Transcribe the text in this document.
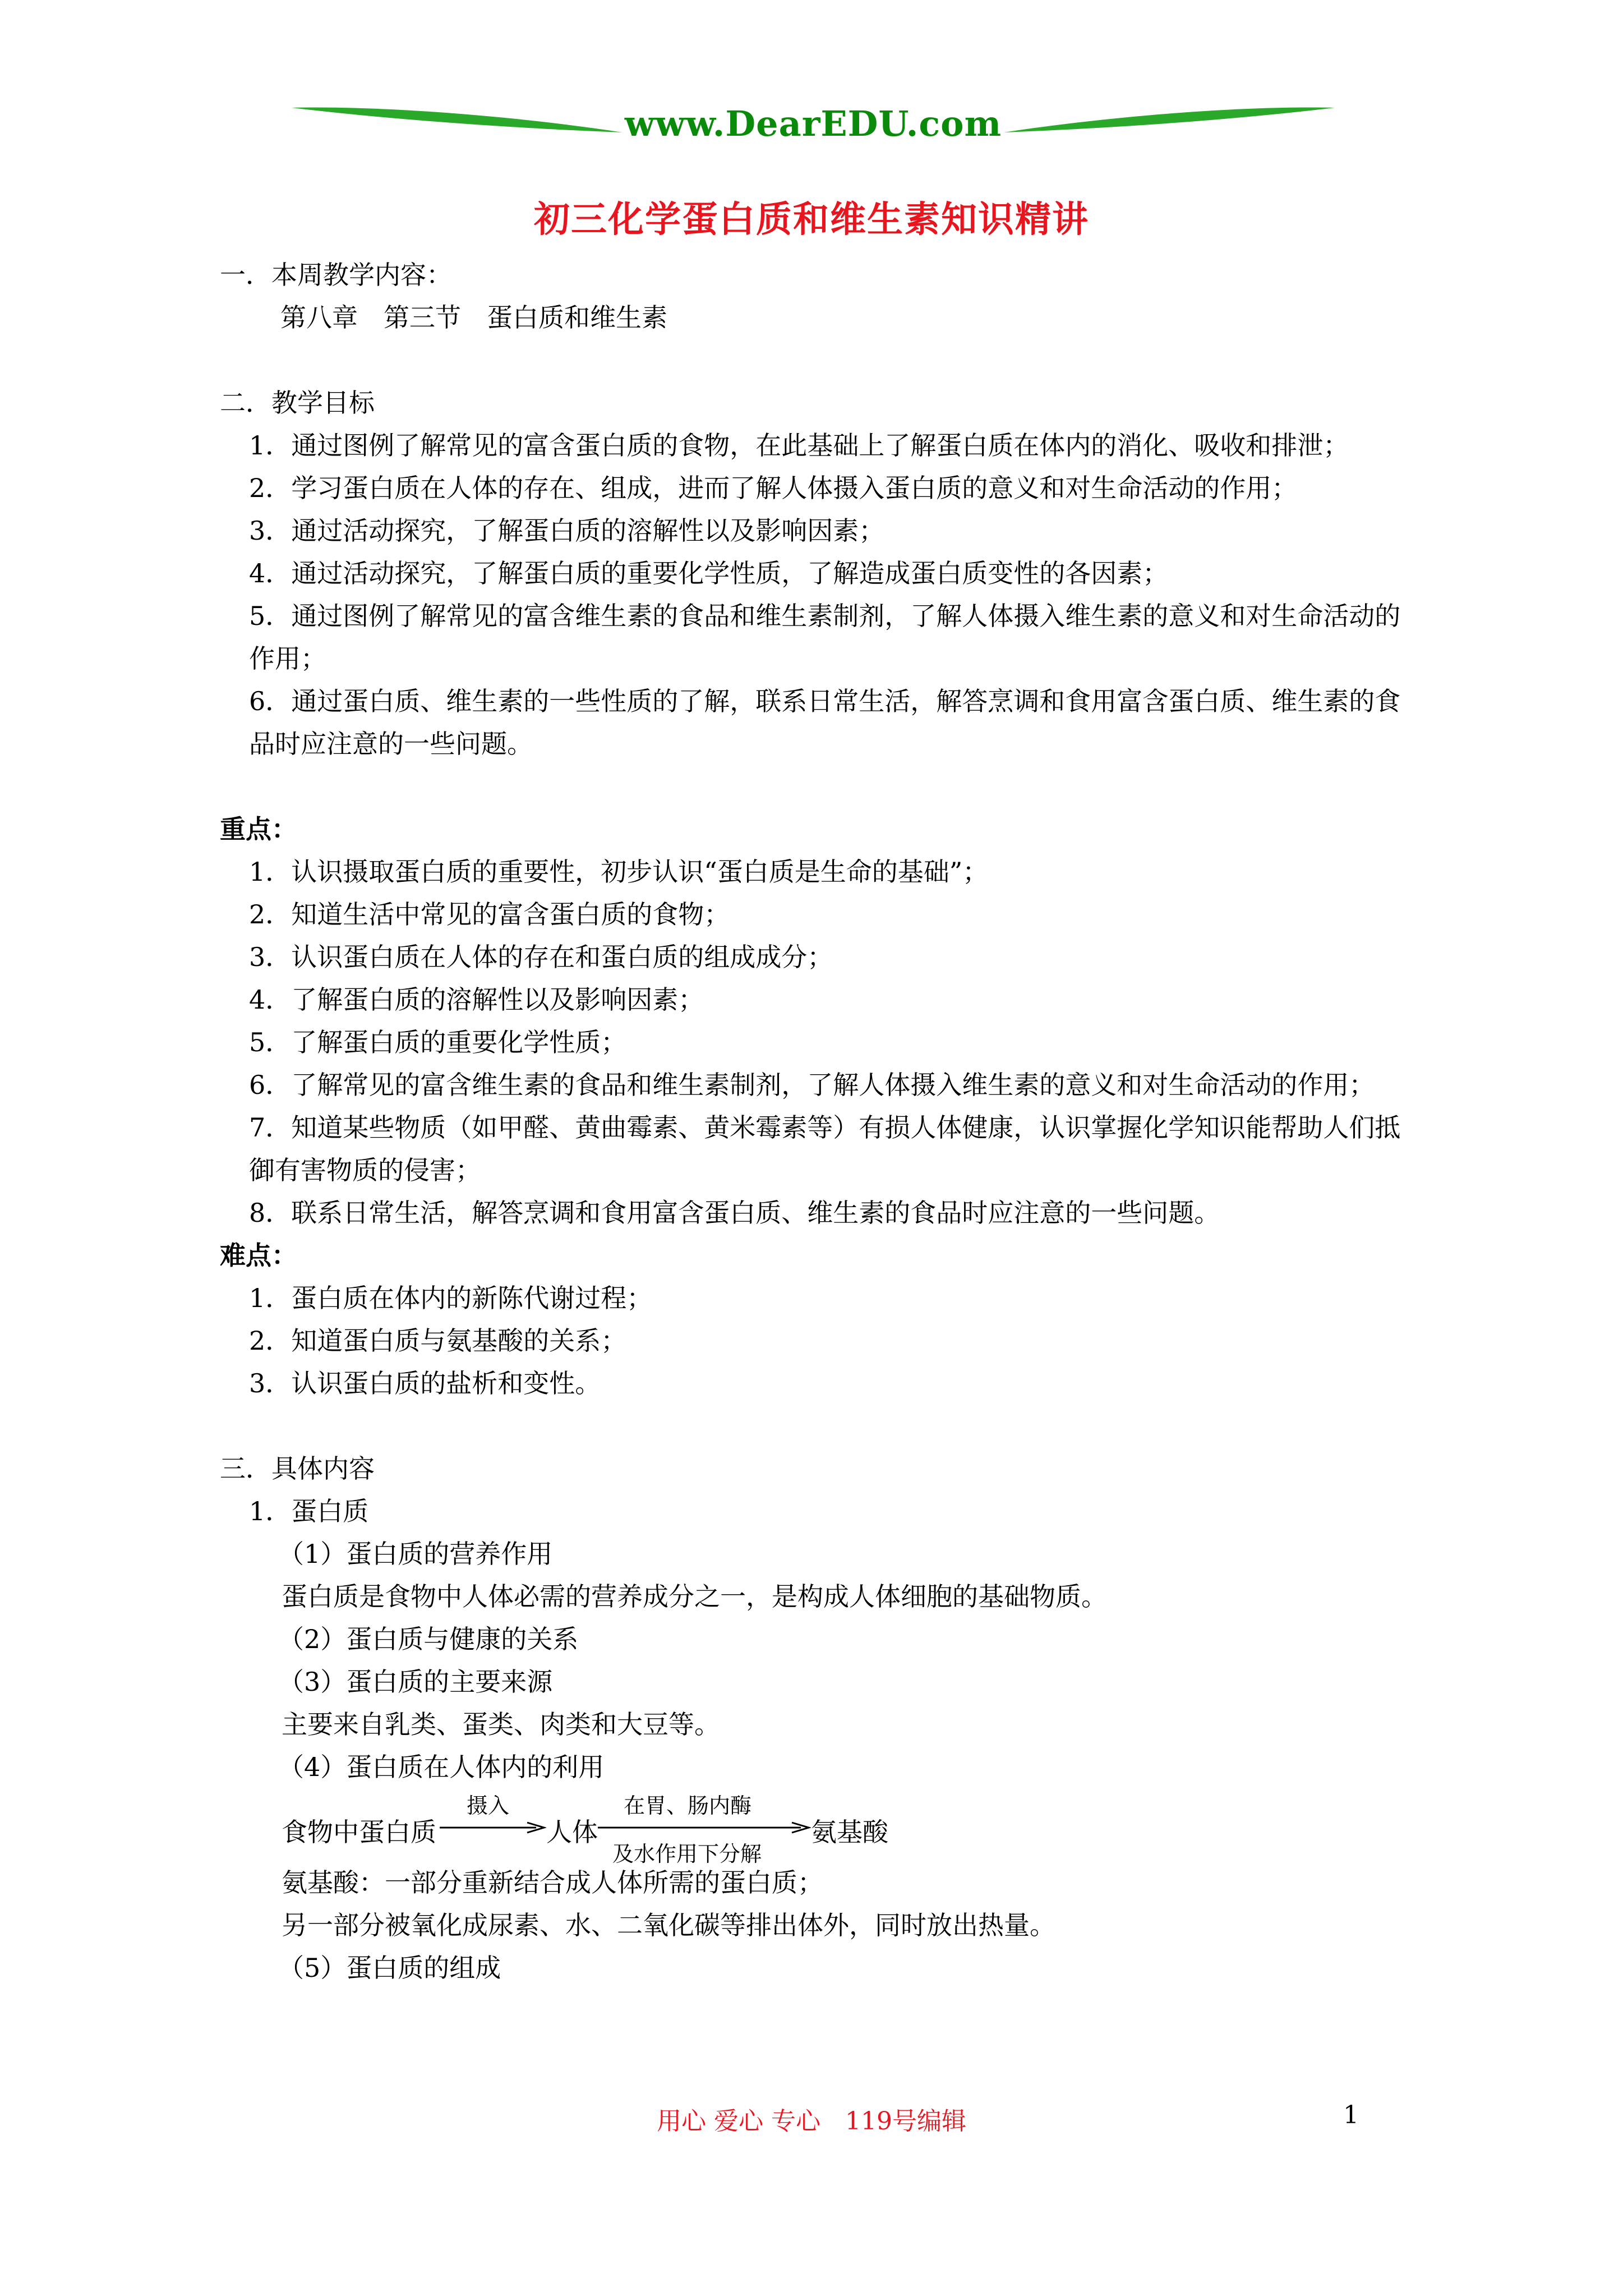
www.DearEDU.com
初三化学蛋白质和维生素知识精讲

一．本周教学内容：

第八章　第三节　蛋白质和维生素

二．教学目标

1．通过图例了解常见的富含蛋白质的食物，在此基础上了解蛋白质在体内的消化、吸收和排泄；

2．学习蛋白质在人体的存在、组成，进而了解人体摄入蛋白质的意义和对生命活动的作用；

3．通过活动探究，了解蛋白质的溶解性以及影响因素；

4．通过活动探究，了解蛋白质的重要化学性质，了解造成蛋白质变性的各因素；

5．通过图例了解常见的富含维生素的食品和维生素制剂，了解人体摄入维生素的意义和对生命活动的作用；

6．通过蛋白质、维生素的一些性质的了解，联系日常生活，解答烹调和食用富含蛋白质、维生素的食品时应注意的一些问题。

重点：

1．认识摄取蛋白质的重要性，初步认识“蛋白质是生命的基础”；

2．知道生活中常见的富含蛋白质的食物；

3．认识蛋白质在人体的存在和蛋白质的组成成分；

4．了解蛋白质的溶解性以及影响因素；

5．了解蛋白质的重要化学性质；

6．了解常见的富含维生素的食品和维生素制剂，了解人体摄入维生素的意义和对生命活动的作用；

7．知道某些物质（如甲醛、黄曲霉素、黄米霉素等）有损人体健康，认识掌握化学知识能帮助人们抵御有害物质的侵害；

8．联系日常生活，解答烹调和食用富含蛋白质、维生素的食品时应注意的一些问题。

难点：

1．蛋白质在体内的新陈代谢过程；

2．知道蛋白质与氨基酸的关系；

3．认识蛋白质的盐析和变性。

三．具体内容

1．蛋白质

（1）蛋白质的营养作用

蛋白质是食物中人体必需的营养成分之一，是构成人体细胞的基础物质。

（2）蛋白质与健康的关系

（3）蛋白质的主要来源

主要来自乳类、蛋类、肉类和大豆等。

（4）蛋白质在人体内的利用

食物中蛋白质
摄入
人体
在胃、肠内酶
及水作用下分解
氨基酸

氨基酸：一部分重新结合成人体所需的蛋白质；

另一部分被氧化成尿素、水、二氧化碳等排出体外，同时放出热量。

（5）蛋白质的组成

用心 爱心 专心　119号编辑	1
